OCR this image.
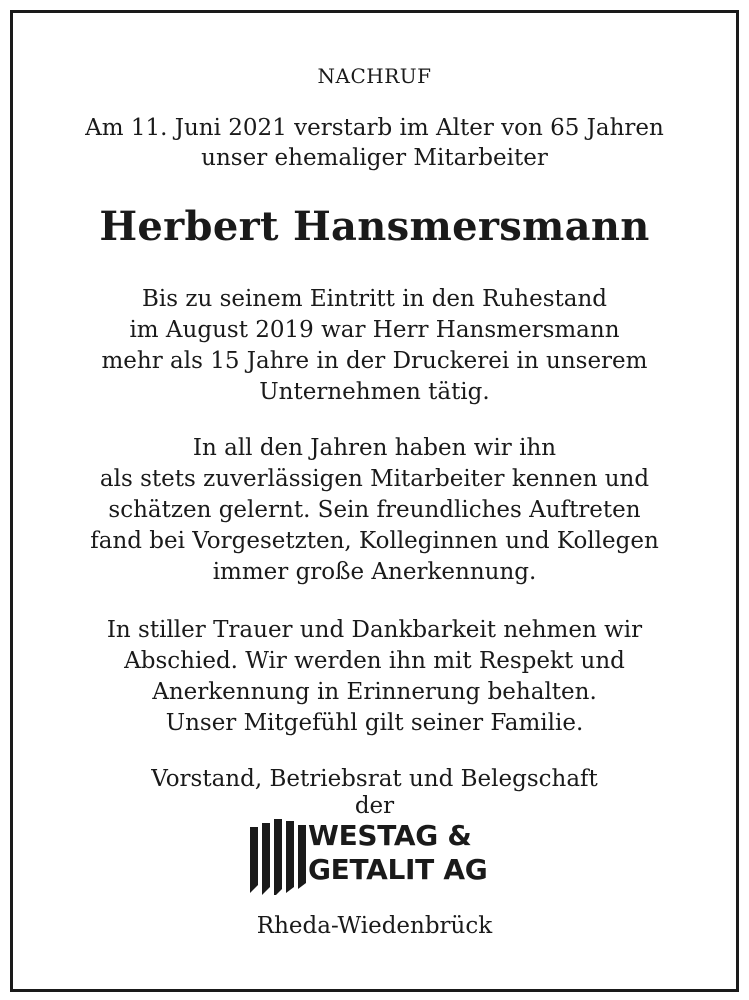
NACHRUF
Am 11. Juni 2021 verstarb im Alter von 65 Jahren
unser ehemaliger Mitarbeiter
Herbert Hansmersmann
Bis zu seinem Eintritt in den Ruhestand
im August 2019 war Herr Hansmersmann
mehr als 15 Jahre in der Druckerei in unserem
Unternehmen tätig.
In all den Jahren haben wir ihn
als stets zuverlässigen Mitarbeiter kennen und
schätzen gelernt. Sein freundliches Auftreten
fand bei Vorgesetzten, Kolleginnen und Kollegen
immer große Anerkennung.
In stiller Trauer und Dankbarkeit nehmen wir
Abschied. Wir werden ihn mit Respekt und
Anerkennung in Erinnerung behalten.
Unser Mitgefühl gilt seiner Familie.
Vorstand, Betriebsrat und Belegschaft
der
WESTAG &
GETALIT AG
Rheda-Wiedenbrück
